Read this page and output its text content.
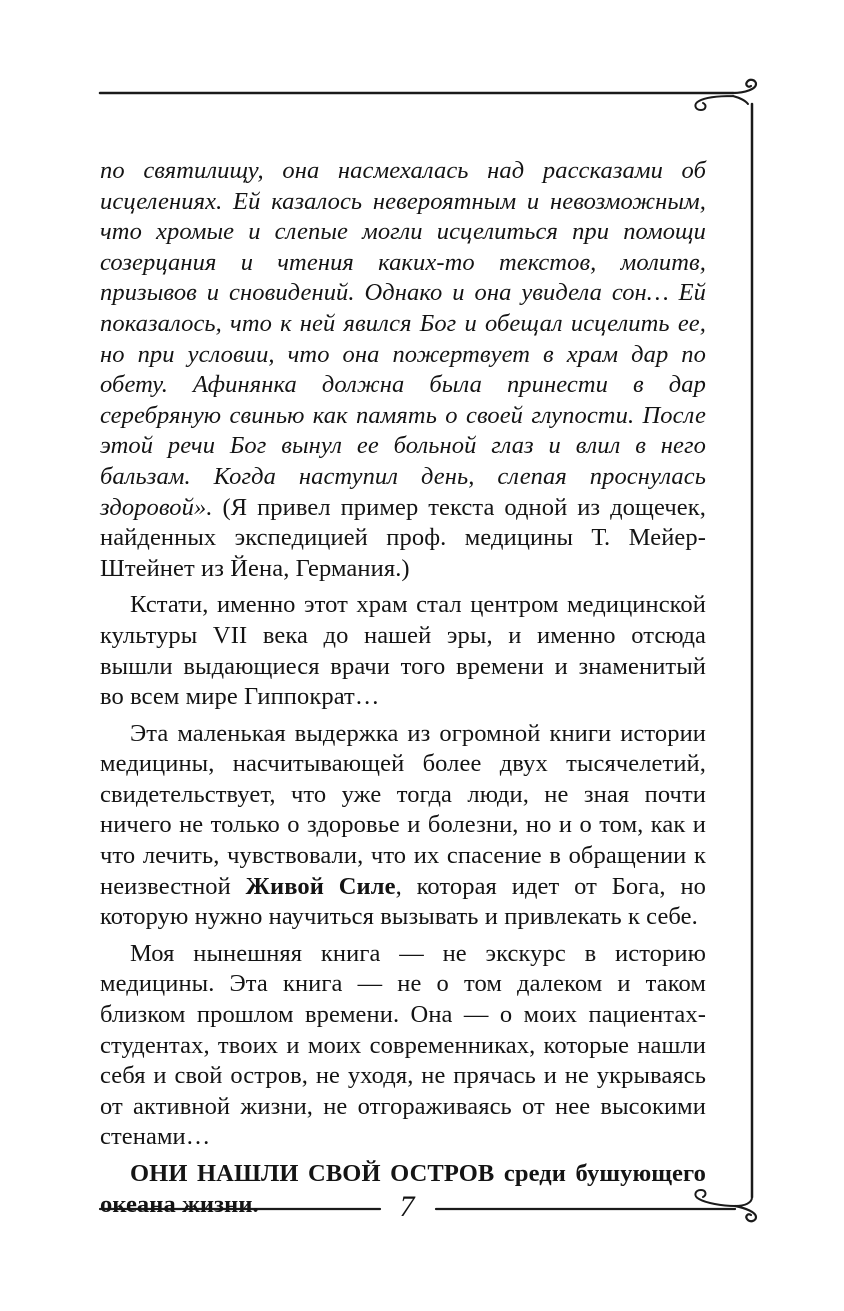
по святилищу, она насмехалась над рассказами об исцелениях. Ей казалось невероятным и невозможным, что хромые и слепые могли исцелиться при помощи созерцания и чтения каких-то текстов, молитв, призывов и сновидений. Однако и она увидела сон… Ей показалось, что к ней явился Бог и обещал исцелить ее, но при условии, что она пожертвует в храм дар по обету. Афинянка должна была принести в дар серебряную свинью как память о своей глупости. После этой речи Бог вынул ее больной глаз и влил в него бальзам. Когда наступил день, слепая проснулась здоровой». (Я привел пример текста одной из дощечек, найденных экспедицией проф. медицины Т. Мейер-Штейнет из Йена, Германия.)

Кстати, именно этот храм стал центром медицинской культуры VII века до нашей эры, и именно отсюда вышли выдающиеся врачи того времени и знаменитый во всем мире Гиппократ…

Эта маленькая выдержка из огромной книги истории медицины, насчитывающей более двух тысячелетий, свидетельствует, что уже тогда люди, не зная почти ничего не только о здоровье и болезни, но и о том, как и что лечить, чувствовали, что их спасение в обращении к неизвестной Живой Силе, которая идет от Бога, но которую нужно научиться вызывать и привлекать к себе.

Моя нынешняя книга — не экскурс в историю медицины. Эта книга — не о том далеком и таком близком прошлом времени. Она — о моих пациентах-студентах, твоих и моих современниках, которые нашли себя и свой остров, не уходя, не прячась и не укрываясь от активной жизни, не отгораживаясь от нее высокими стенами…

ОНИ НАШЛИ СВОЙ ОСТРОВ среди бушующего океана жизни.	7
